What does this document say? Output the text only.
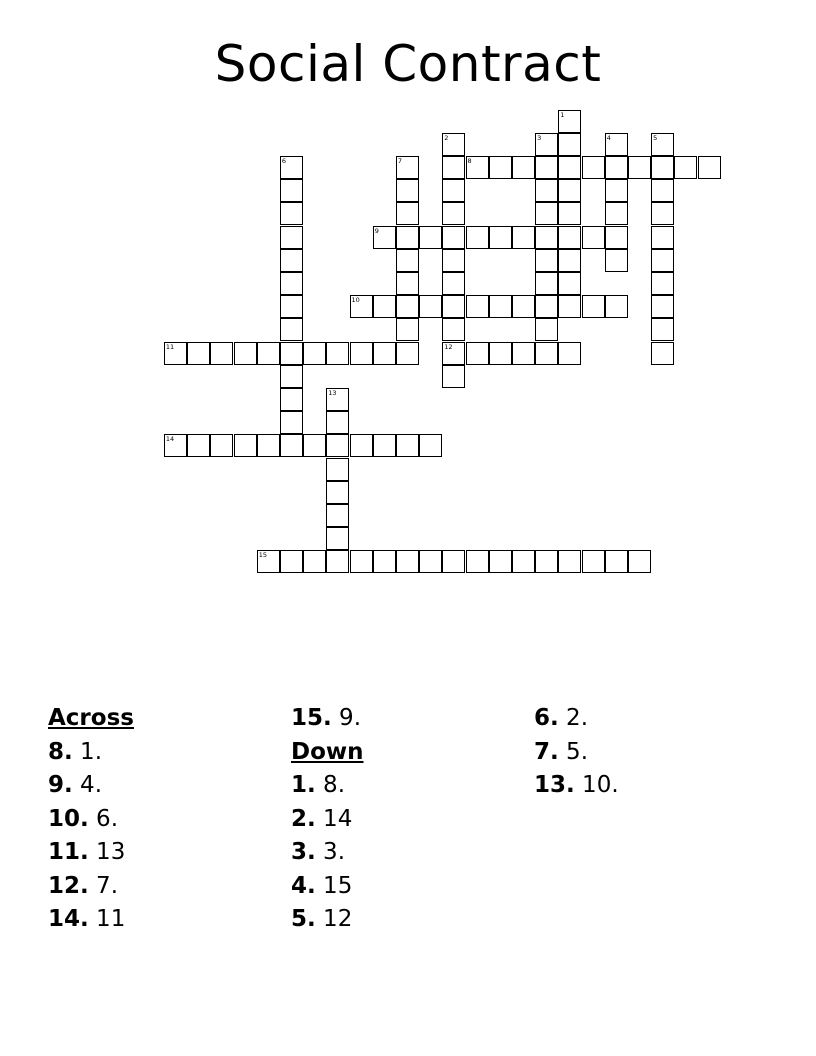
1
2
12
3	4	5
6	7	8
9
10
11
13
14
15
Social Contract
Across
8. 1.
9. 4.
10. 6.
11. 13
12. 7.
14. 11
15. 9.
Down
1. 8.
2. 14
3. 3.
4. 15
5. 12
6. 2.
7. 5.
13. 10.
